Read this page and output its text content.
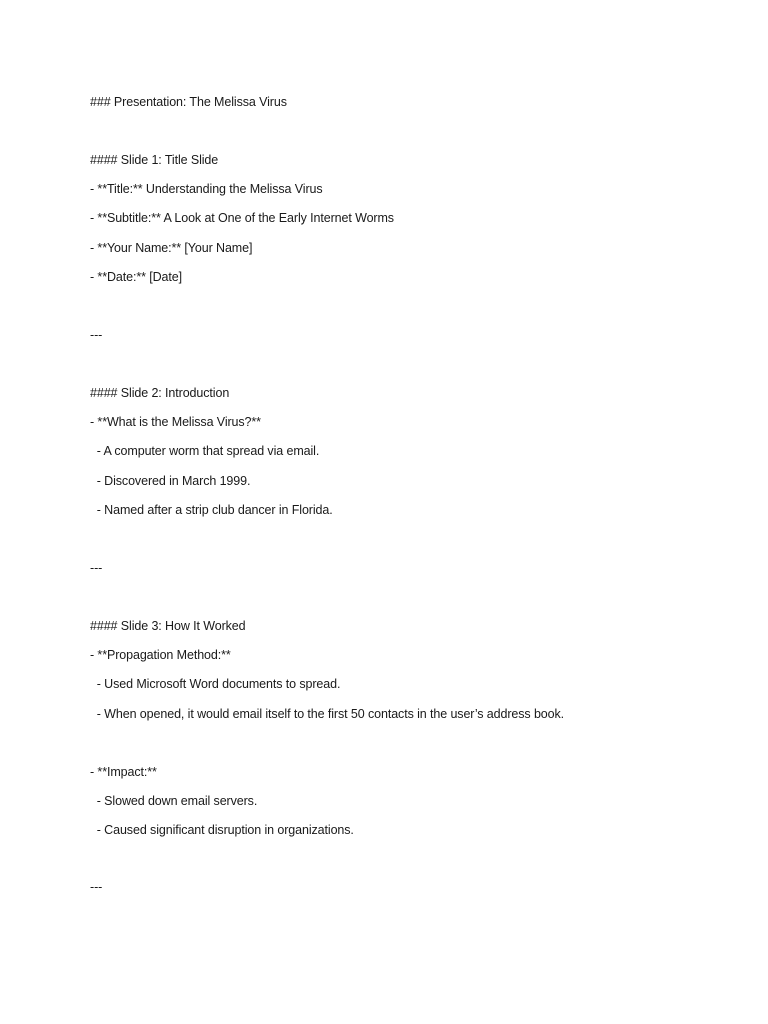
### Presentation: The Melissa Virus
#### Slide 1: Title Slide
- **Title:** Understanding the Melissa Virus
- **Subtitle:** A Look at One of the Early Internet Worms
- **Your Name:** [Your Name]
- **Date:** [Date]
---
#### Slide 2: Introduction
- **What is the Melissa Virus?**
- A computer worm that spread via email.
- Discovered in March 1999.
- Named after a strip club dancer in Florida.
---
#### Slide 3: How It Worked
- **Propagation Method:**
- Used Microsoft Word documents to spread.
- When opened, it would email itself to the first 50 contacts in the user’s address book.
- **Impact:**
- Slowed down email servers.
- Caused significant disruption in organizations.
---
